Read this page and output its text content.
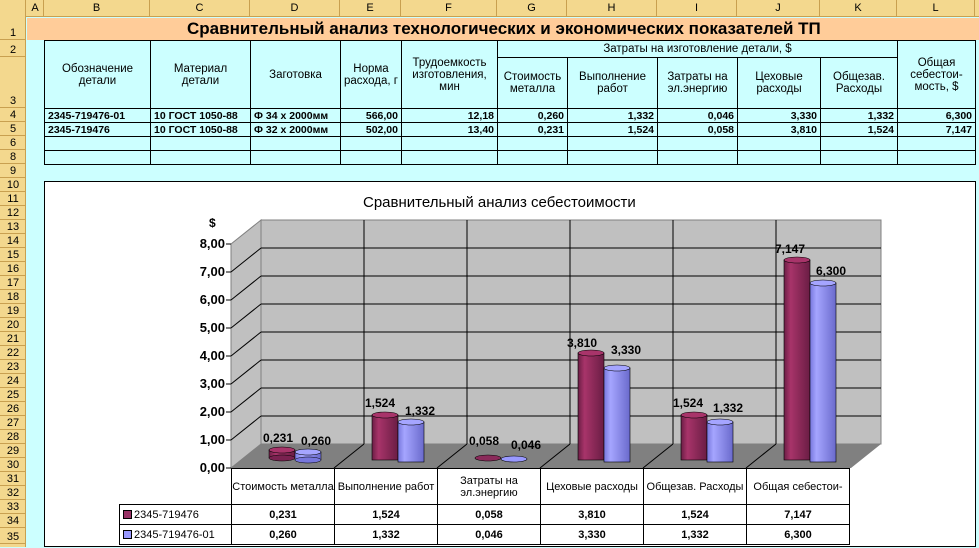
A	B	C	D	E	F	G	H	I	J	K	L
1
2
3
4
5
6
8
9
10
11
12
13
14
15
16
17
18
19
20
21
22
23
24
25
26
27
28
29
30
31
32
33
34
35
Сравнительный анализ технологических и экономических показателей ТП
Обозначение детали	Материал детали	Заготовка	Норма расхода, г	Трудоемкость изготовления, мин	Затраты на изготовление детали, $					Общая себестои-мость, $
					Стоимость металла	Выполнение работ	Затраты на эл.энергию	Цеховые расходы	Общезав. Расходы	
2345-719476-01	10 ГОСТ 1050-88	Ф 34 х 2000мм	566,00	12,18	0,260	1,332	0,046	3,330	1,332	6,300
2345-719476	10 ГОСТ 1050-88	Ф 32 х 2000мм	502,00	13,40	0,231	1,524	0,058	3,810	1,524	7,147

Сравнительный анализ себестоимости
$
0,00
1,00
2,00
3,00
4,00
5,00
6,00
7,00
8,00
0,231 0,260
1,524
1,332
0,058 0,046
3,810 3,330
1,524 1,332
7,147
6,300
	Стоимость металла	Выполнение работ	Затраты на эл.энергию	Цеховые расходы	Общезав. Расходы	Общая себестои-
2345-719476	0,231	1,524	0,058	3,810	1,524	7,147
2345-719476-01	0,260	1,332	0,046	3,330	1,332	6,300
